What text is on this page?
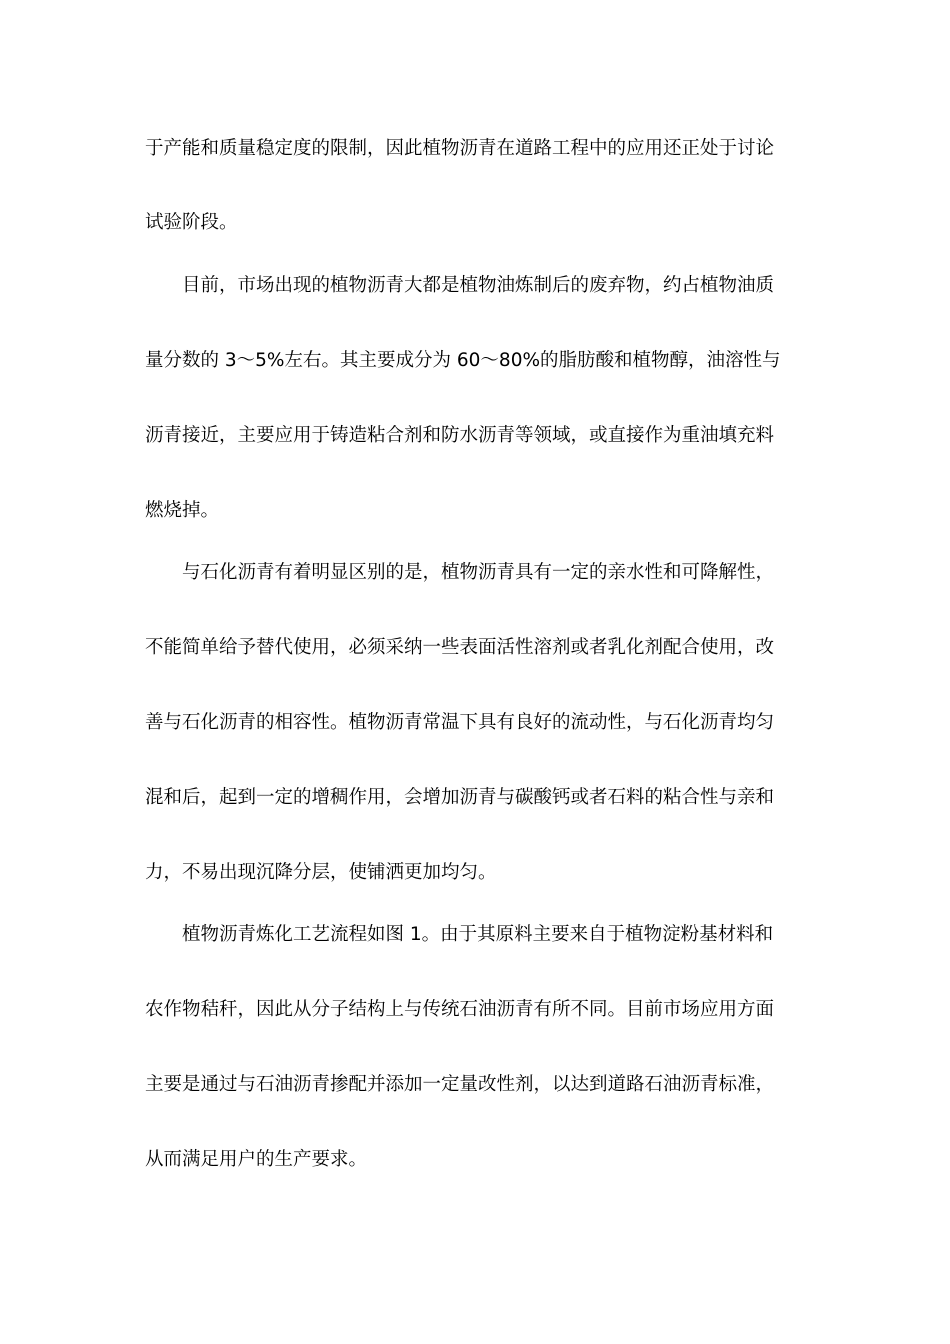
于产能和质量稳定度的限制，因此植物沥青在道路工程中的应用还正处于讨论
试验阶段。
目前，市场出现的植物沥青大都是植物油炼制后的废弃物，约占植物油质
量分数的 3～5%左右。其主要成分为 60～80%的脂肪酸和植物醇，油溶性与
沥青接近，主要应用于铸造粘合剂和防水沥青等领域，或直接作为重油填充料
燃烧掉。
与石化沥青有着明显区别的是，植物沥青具有一定的亲水性和可降解性，
不能简单给予替代使用，必须采纳一些表面活性溶剂或者乳化剂配合使用，改
善与石化沥青的相容性。植物沥青常温下具有良好的流动性，与石化沥青均匀
混和后，起到一定的增稠作用，会增加沥青与碳酸钙或者石料的粘合性与亲和
力，不易出现沉降分层，使铺洒更加均匀。
植物沥青炼化工艺流程如图 1。由于其原料主要来自于植物淀粉基材料和
农作物秸秆，因此从分子结构上与传统石油沥青有所不同。目前市场应用方面
主要是通过与石油沥青掺配并添加一定量改性剂，以达到道路石油沥青标准，
从而满足用户的生产要求。
